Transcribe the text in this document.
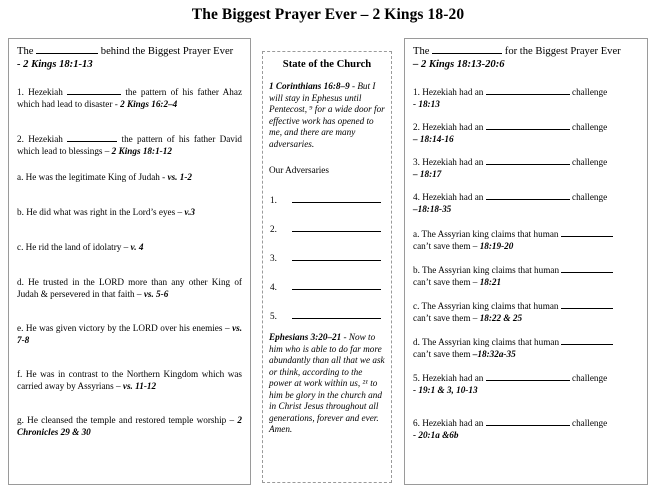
The Biggest Prayer Ever – 2 Kings 18-20
The	behind the Biggest Prayer Ever
- 2 Kings 18:1-13
1. Hezekiah	the pattern of his father Ahaz which had lead to disaster - 2 Kings 16:2–4
2. Hezekiah	the pattern of his father David which lead to blessings – 2 Kings 18:1-12
a. He was the legitimate King of Judah - vs. 1-2
b. He did what was right in the Lord’s eyes – v.3
c. He rid the land of idolatry – v. 4
d. He trusted in the LORD more than any other King of Judah & persevered in that faith – vs. 5-6
e. He was given victory by the LORD over his enemies – vs. 7-8
f. He was in contrast to the Northern Kingdom which was carried away by Assyrians – vs. 11-12
g. He cleansed the temple and restored temple worship – 2 Chronicles 29 & 30
State of the Church
1 Corinthians 16:8–9 - But I will stay in Ephesus until Pentecost, ⁹ for a wide door for effective work has opened to me, and there are many adversaries.
Our Adversaries
1.
2.
3.
4.
5.
Ephesians 3:20–21 - Now to him who is able to do far more abundantly than all that we ask or think, according to the power at work within us, ²¹ to him be glory in the church and in Christ Jesus throughout all generations, forever and ever. Amen.
The	for the Biggest Prayer Ever
– 2 Kings 18:13-20:6
1. Hezekiah had an	challenge
- 18:13
2. Hezekiah had an	challenge
– 18:14-16
3. Hezekiah had an	challenge
– 18:17
4. Hezekiah had an	challenge
–18:18-35
a. The Assyrian king claims that human
can’t save them – 18:19-20
b. The Assyrian king claims that human
can’t save them – 18:21
c. The Assyrian king claims that human
can’t save them – 18:22 & 25
d. The Assyrian king claims that human
can’t save them –18:32a-35
5. Hezekiah had an	challenge
- 19:1 & 3, 10-13
6. Hezekiah had an	challenge
- 20:1a &6b
